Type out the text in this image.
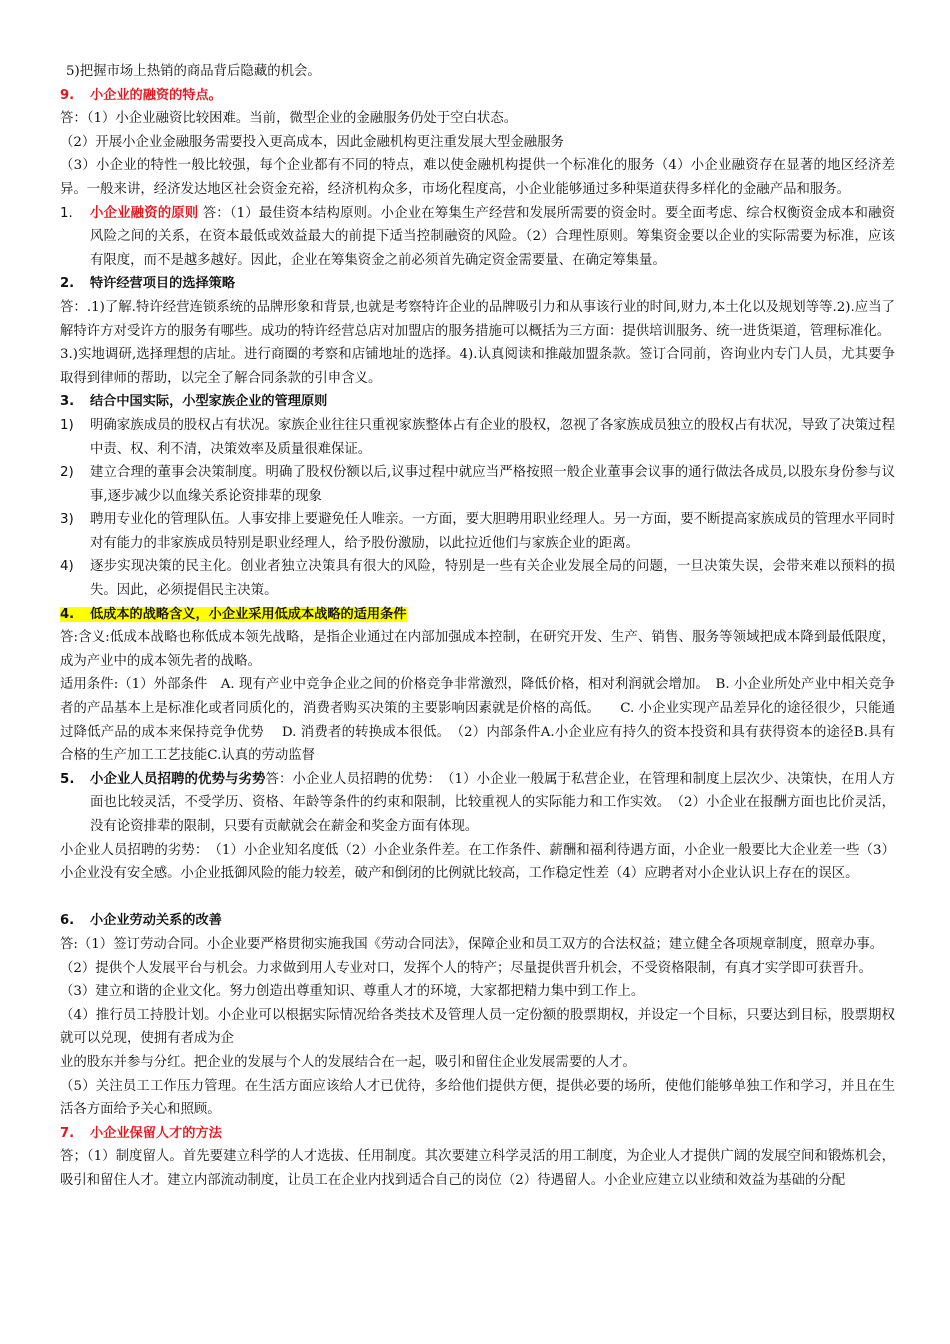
5)把握市场上热销的商品背后隐藏的机会。

9. 小企业的融资的特点。

答：（1）小企业融资比较困难。当前，微型企业的金融服务仍处于空白状态。

（2）开展小企业金融服务需要投入更高成本，因此金融机构更注重发展大型金融服务

（3）小企业的特性一般比较强，每个企业都有不同的特点，难以使金融机构提供一个标准化的服务（4）小企业融资存在显著的地区经济差异。一般来讲，经济发达地区社会资金充裕，经济机构众多，市场化程度高，小企业能够通过多种渠道获得多样化的金融产品和服务。

1.	小企业融资的原则 答：（1）最佳资本结构原则。小企业在筹集生产经营和发展所需要的资金时。要全面考虑、综合权衡资金成本和融资风险之间的关系，在资本最低或效益最大的前提下适当控制融资的风险。（2）合理性原则。筹集资金要以企业的实际需要为标准，应该有限度，而不是越多越好。因此，企业在筹集资金之前必须首先确定资金需要量、在确定筹集量。

2. 特许经营项目的选择策略

答：.1)了解.特许经营连锁系统的品牌形象和背景,也就是考察特许企业的品牌吸引力和从事该行业的时间,财力,本土化以及规划等等.2).应当了解特许方对受许方的服务有哪些。成功的特许经营总店对加盟店的服务措施可以概括为三方面：提供培训服务、统一进货渠道，管理标准化。

3.)实地调研,选择理想的店址。进行商圈的考察和店铺地址的选择。4).认真阅读和推敲加盟条款。签订合同前，咨询业内专门人员，尤其要争取得到律师的帮助，以完全了解合同条款的引申含义。

3. 结合中国实际，小型家族企业的管理原则

1)	明确家族成员的股权占有状况。家族企业往往只重视家族整体占有企业的股权，忽视了各家族成员独立的股权占有状况，导致了决策过程中责、权、利不清，决策效率及质量很难保证。

2)	建立合理的董事会决策制度。明确了股权份额以后,议事过程中就应当严格按照一般企业董事会议事的通行做法各成员,以股东身份参与议事,逐步减少以血缘关系论资排辈的现象

3)	聘用专业化的管理队伍。人事安排上要避免任人唯亲。一方面，要大胆聘用职业经理人。另一方面，要不断提高家族成员的管理水平同时对有能力的非家族成员特别是职业经理人，给予股份激励，以此拉近他们与家族企业的距离。

4)	逐步实现决策的民主化。创业者独立决策具有很大的风险，特别是一些有关企业发展全局的问题，一旦决策失误，会带来难以预料的损失。因此，必须提倡民主决策。

4. 低成本的战略含义，小企业采用低成本战略的适用条件

答:含义:低成本战略也称低成本领先战略，是指企业通过在内部加强成本控制，在研究开发、生产、销售、服务等领域把成本降到最低限度，成为产业中的成本领先者的战略。

适用条件:（1）外部条件　A. 现有产业中竞争企业之间的价格竞争非常激烈，降低价格，相对利润就会增加。　B. 小企业所处产业中相关竞争者的产品基本上是标准化或者同质化的，消费者购买决策的主要影响因素就是价格的高低。　　C. 小企业实现产品差异化的途径很少，只能通过降低产品的成本来保持竞争优势　 D. 消费者的转换成本很低。　（2）内部条件A.小企业应有持久的资本投资和具有获得资本的途径B.具有合格的生产加工工艺技能C.认真的劳动监督

5.	小企业人员招聘的优势与劣势答：小企业人员招聘的优势：　（1）小企业一般属于私营企业，在管理和制度上层次少、决策快，在用人方面也比较灵活，不受学历、资格、年龄等条件的约束和限制，比较重视人的实际能力和工作实效。　（2）小企业在报酬方面也比价灵活，没有论资排辈的限制，只要有贡献就会在薪金和奖金方面有体现。

小企业人员招聘的劣势：　（1）小企业知名度低（2）小企业条件差。在工作条件、薪酬和福利待遇方面，小企业一般要比大企业差一些（3）小企业没有安全感。小企业抵御风险的能力较差，破产和倒闭的比例就比较高，工作稳定性差（4）应聘者对小企业认识上存在的误区。

6. 小企业劳动关系的改善

答:（1）签订劳动合同。小企业要严格贯彻实施我国《劳动合同法》，保障企业和员工双方的合法权益；建立健全各项规章制度，照章办事。

（2）提供个人发展平台与机会。力求做到用人专业对口，发挥个人的特产；尽量提供晋升机会，不受资格限制，有真才实学即可获晋升。

（3）建立和谐的企业文化。努力创造出尊重知识、尊重人才的环境，大家都把精力集中到工作上。

（4）推行员工持股计划。小企业可以根据实际情况给各类技术及管理人员一定份额的股票期权，并设定一个目标，只要达到目标，股票期权就可以兑现，使拥有者成为企

业的股东并参与分红。把企业的发展与个人的发展结合在一起，吸引和留住企业发展需要的人才。

（5）关注员工工作压力管理。在生活方面应该给人才已优待，多给他们提供方便，提供必要的场所，使他们能够单独工作和学习，并且在生活各方面给予关心和照顾。

7. 小企业保留人才的方法

答；（1）制度留人。首先要建立科学的人才选拔、任用制度。其次要建立科学灵活的用工制度，为企业人才提供广阔的发展空间和锻炼机会，吸引和留住人才。建立内部流动制度，让员工在企业内找到适合自己的岗位（2）待遇留人。小企业应建立以业绩和效益为基础的分配
